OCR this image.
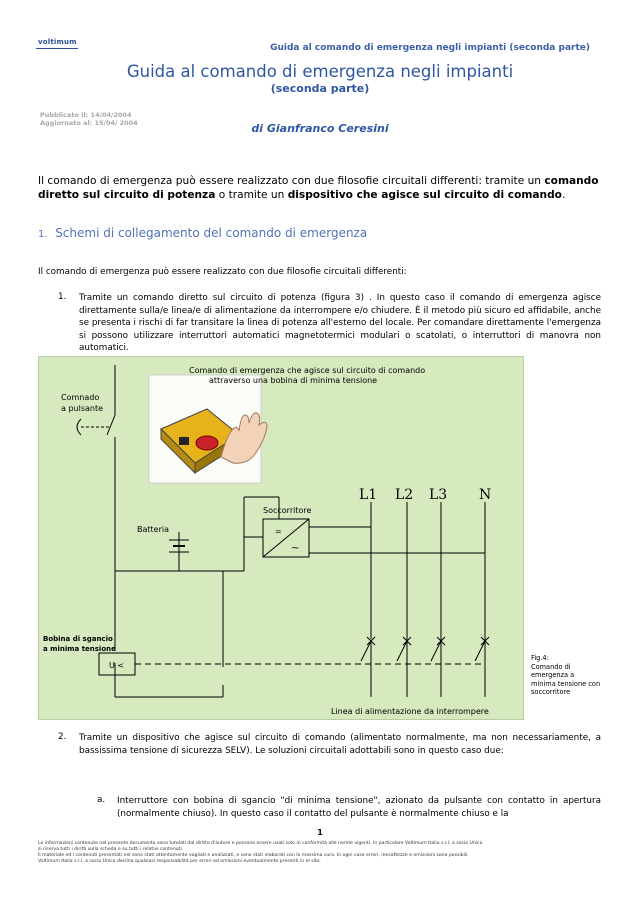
voltimum
Guida al comando di emergenza negli impianti (seconda parte)
Guida al comando di emergenza negli impianti
(seconda parte)
Pubblicato il: 14/04/2004
Aggiornato al: 15/04/ 2004	di Gianfranco Ceresini
Il comando di emergenza può essere realizzato con due filosofie circuitali differenti: tramite un comando diretto sul circuito di potenza o tramite un dispositivo che agisce sul circuito di comando.
1. Schemi di collegamento del comando di emergenza
Il comando di emergenza può essere realizzato con due filosofie circuitali differenti:
1. Tramite un comando diretto sul circuito di potenza (figura 3) . In questo caso il comando di emergenza agisce direttamente sulla/e linea/e di alimentazione da interrompere e/o chiudere. È il metodo più sicuro ed affidabile, anche se presenta i rischi di far transitare la linea di potenza all'esterno del locale. Per comandare direttamente l'emergenza si possono utilizzare interruttori automatici magnetotermici modulari o scatolati, o interruttori di manovra non automatici.
~
=
Comando di emergenza che agisce sul circuito di comando
attraverso una bobina di minima tensione
Comnado
a pulsante
Batteria
Soccorritore
Bobina di sgancio
a minima tensione
U <
L1 L2 L3 N
Linea di alimentazione da interrompere
Fig.4:
Comando di emergenza a minima tensione con soccorritore
2. Tramite un dispositivo che agisce sul circuito di comando (alimentato normalmente, ma non necessariamente, a bassissima tensione di sicurezza SELV). Le soluzioni circuitali adottabili sono in questo caso due:
a. Interruttore con bobina di sgancio "di minima tensione", azionato da pulsante con contatto in apertura (normalmente chiuso). In questo caso il contatto del pulsante è normalmente chiuso e la
1
Le informazioni contenute nel presente documento sono tutelati dal diritto d'autore e possono essere usati solo in conformità alle norme vigenti. In particolare Voltimum Italia s.r.l. a socio Unico
si riserva tutti i diritti sulla scheda e su tutti i relativi contenuti.
Il materiale ed i contenuti presentati nel sono stati attentamente vagliati e analizzati, e sono stati elaborati con la massima cura. In ogni caso errori, inesattezze e omissioni sono possibili.
Voltimum Italia s.r.l. a socio Unico declina qualsiasi responsabilità per errori ed omissioni eventualmente presenti in el sito.
